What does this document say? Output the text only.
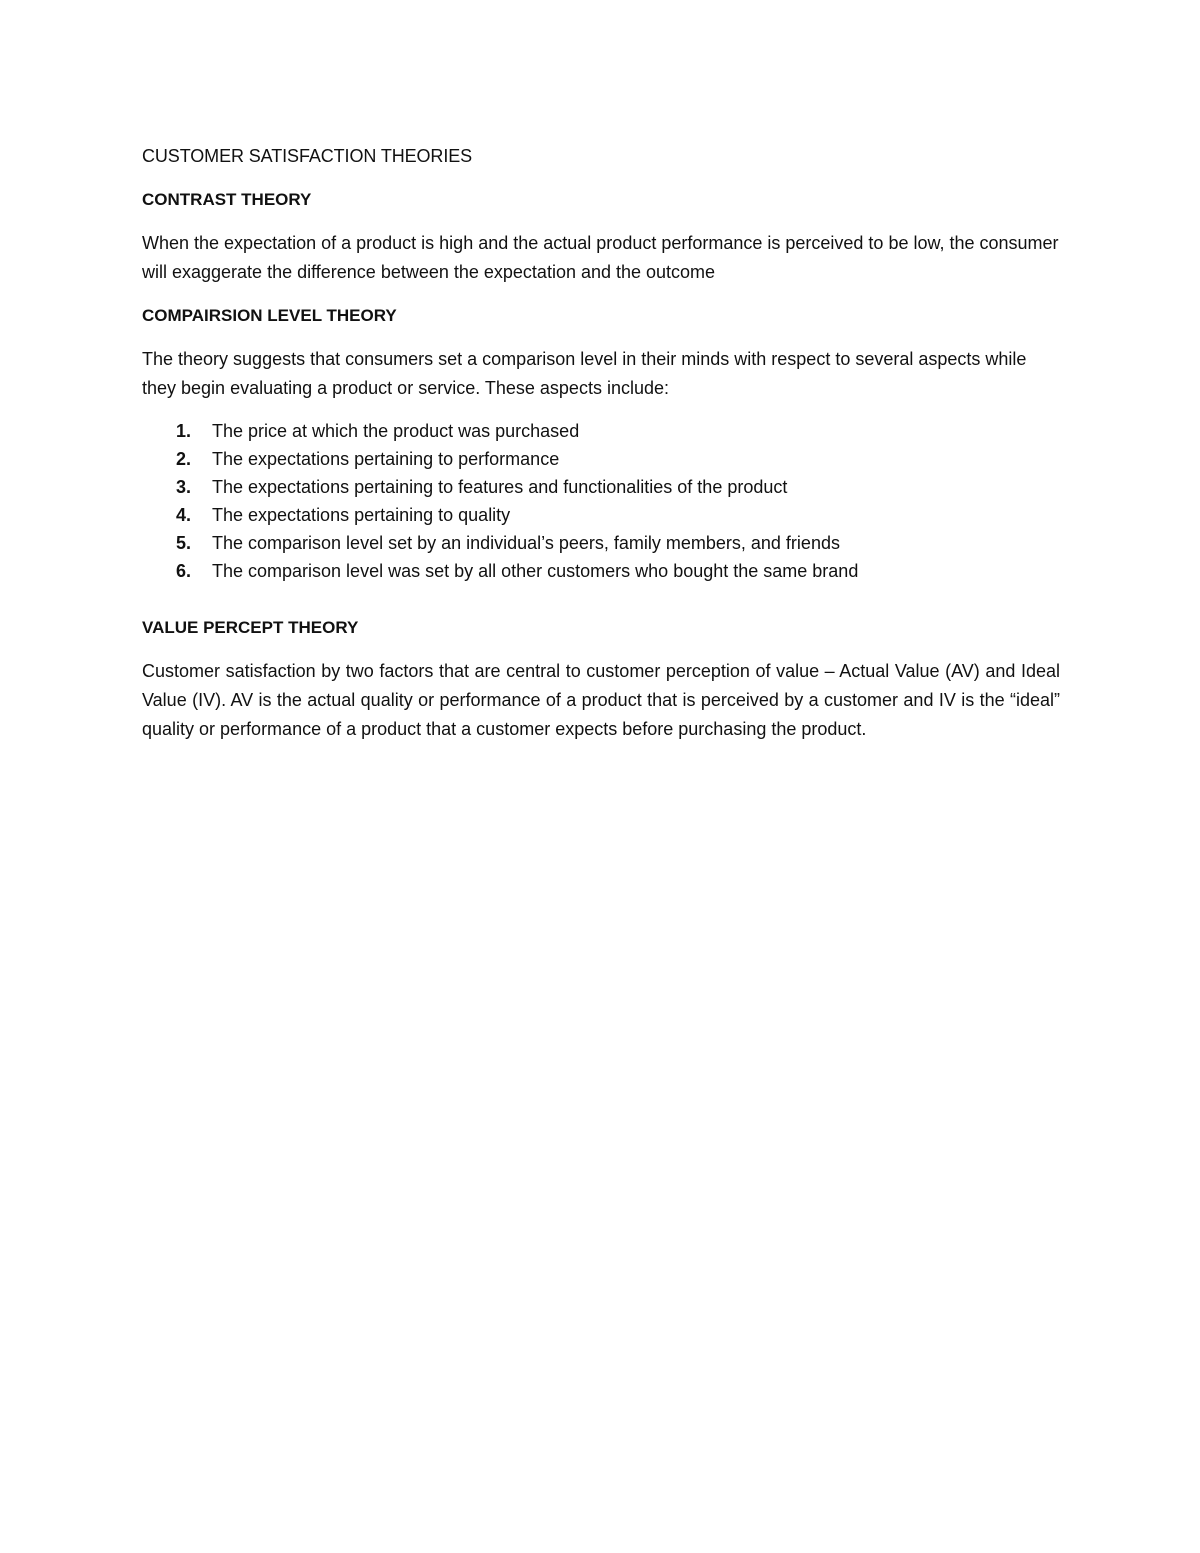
CUSTOMER SATISFACTION THEORIES
CONTRAST THEORY

When the expectation of a product is high and the actual product performance is perceived to be low, the consumer will exaggerate the difference between the expectation and the outcome

COMPAIRSION LEVEL THEORY

The theory suggests that consumers set a comparison level in their minds with respect to several aspects while they begin evaluating a product or service. These aspects include:

1. The price at which the product was purchased
2. The expectations pertaining to performance
3. The expectations pertaining to features and functionalities of the product
4. The expectations pertaining to quality
5. The comparison level set by an individual’s peers, family members, and friends
6. The comparison level was set by all other customers who bought the same brand
VALUE PERCEPT THEORY

Customer satisfaction by two factors that are central to customer perception of value – Actual Value (AV) and Ideal Value (IV). AV is the actual quality or performance of a product that is perceived by a customer and IV is the “ideal” quality or performance of a product that a customer expects before purchasing the product.
